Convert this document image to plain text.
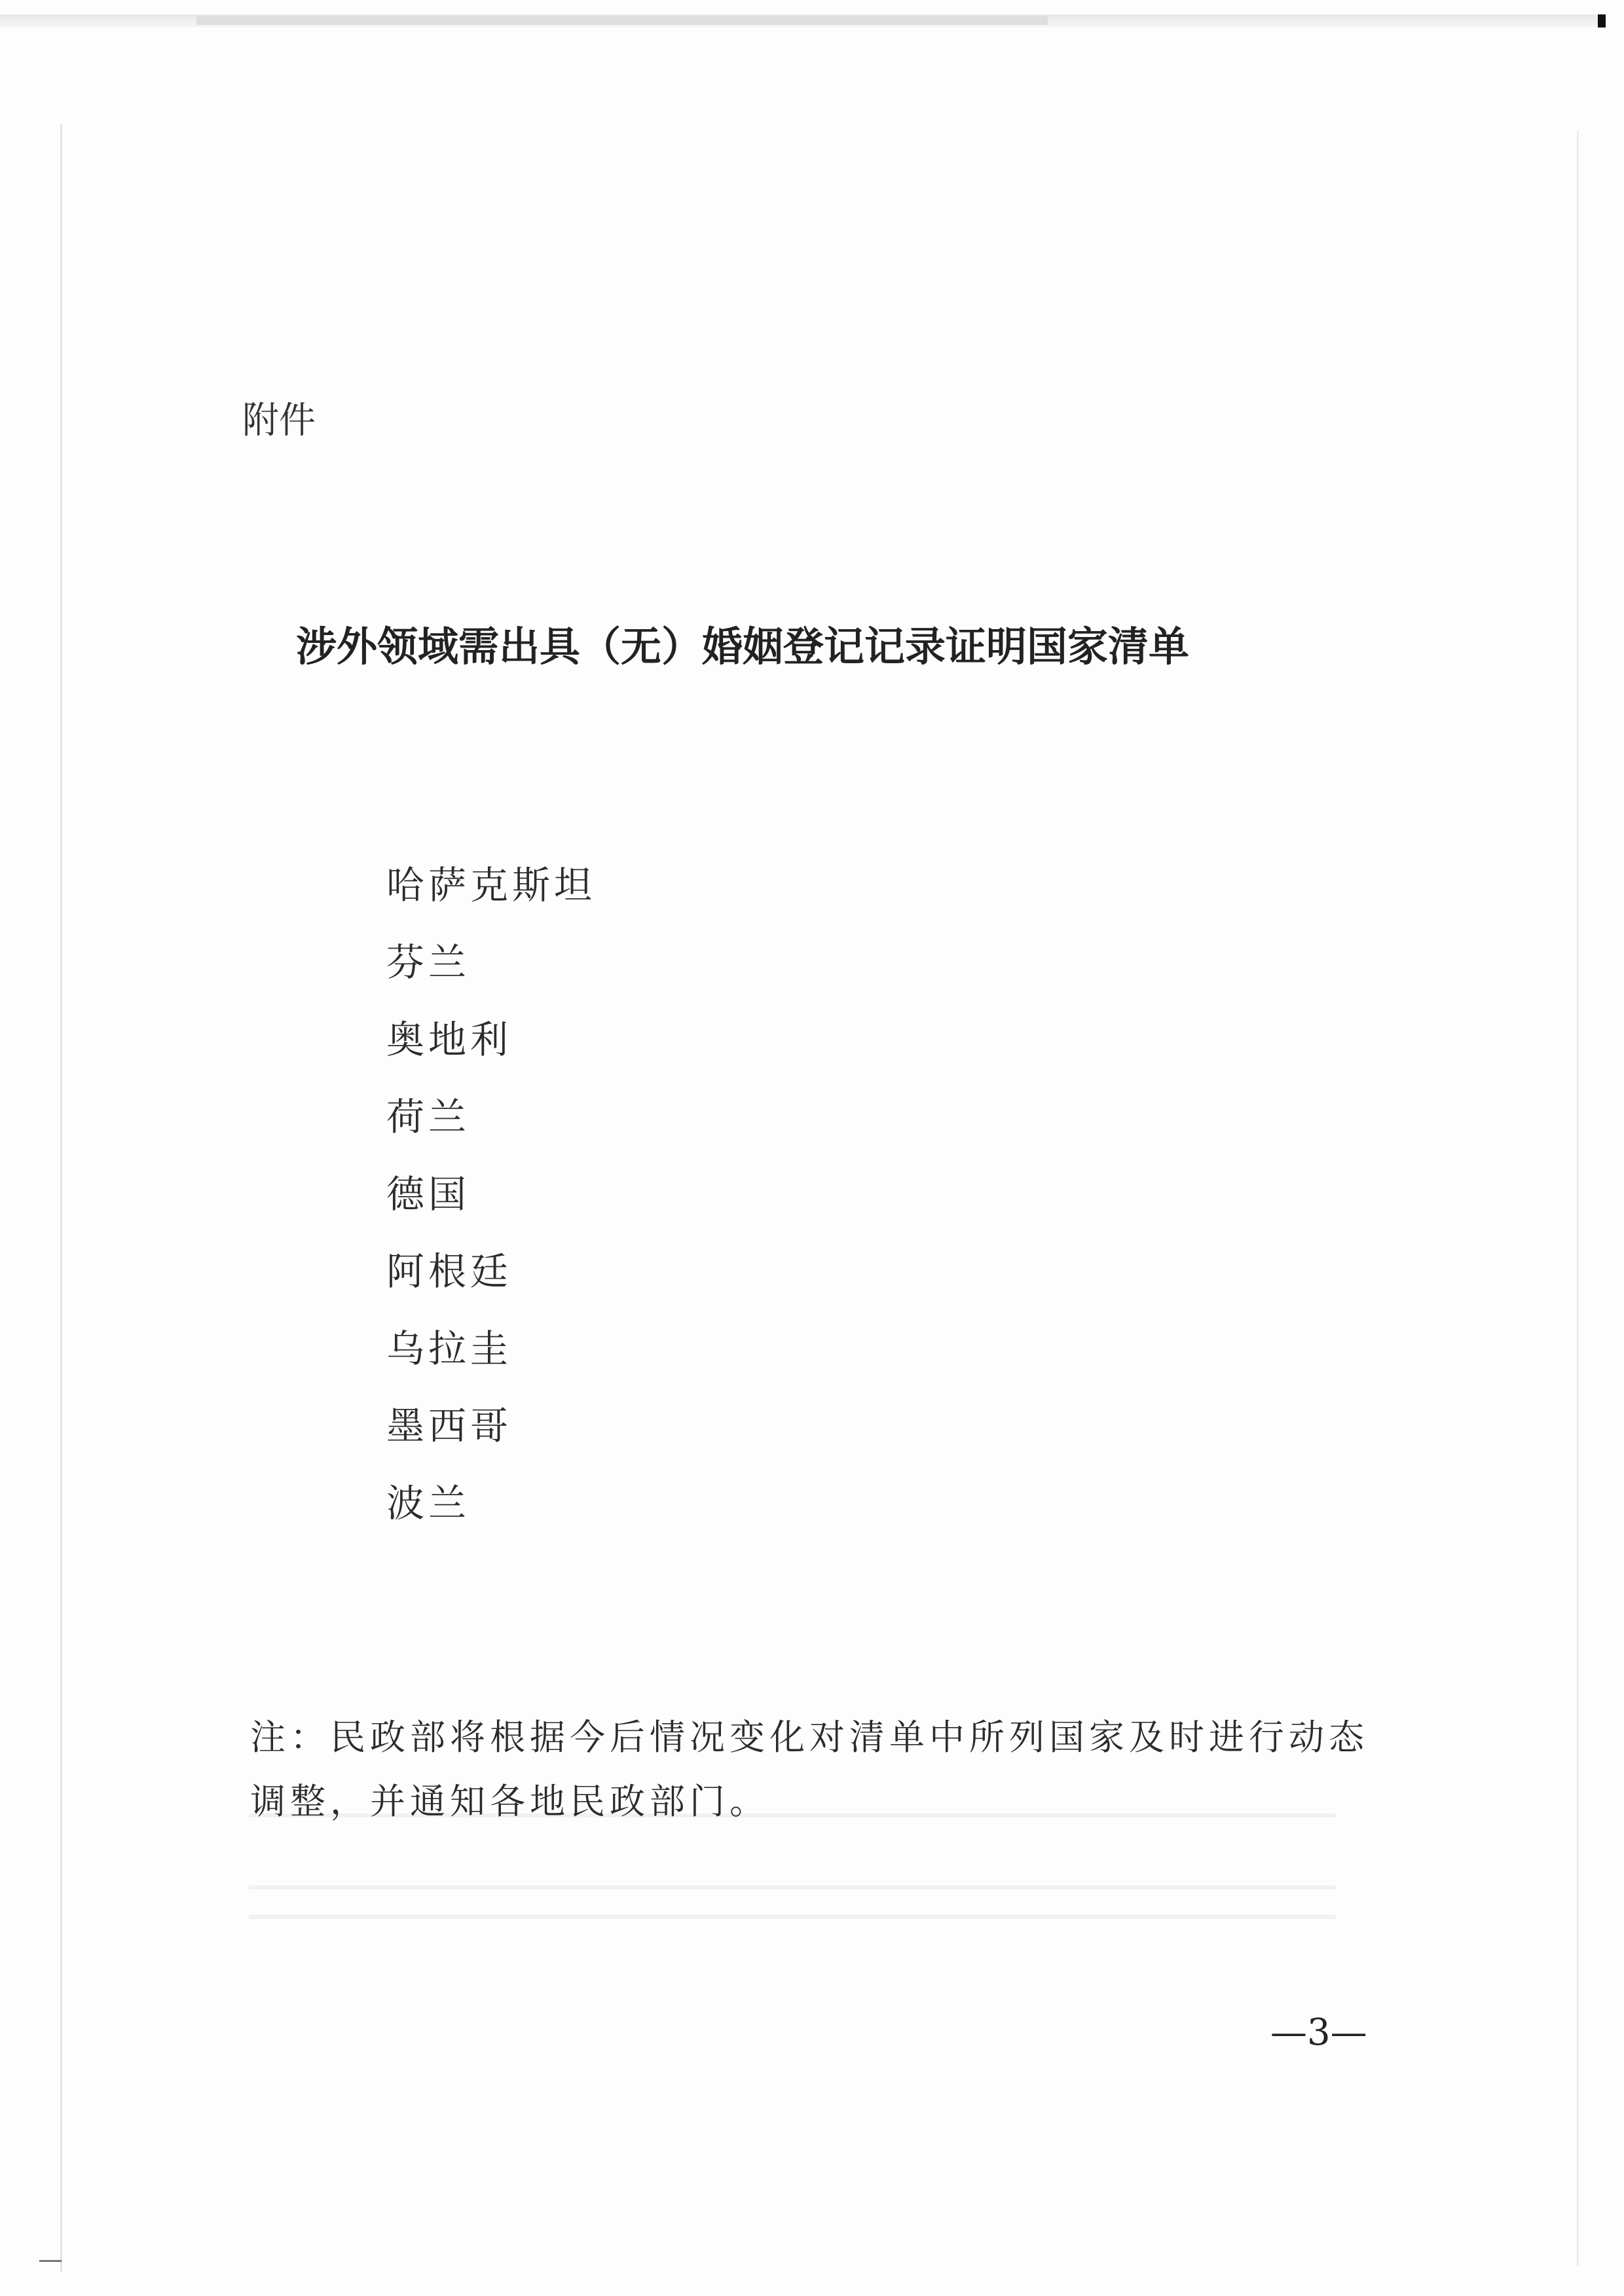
附件

涉外领域需出具（无）婚姻登记记录证明国家清单
哈萨克斯坦
芬兰
奥地利
荷兰
德国
阿根廷
乌拉圭
墨西哥
波兰

注：民政部将根据今后情况变化对清单中所列国家及时进行动态调整，并通知各地民政部门。

—3—
